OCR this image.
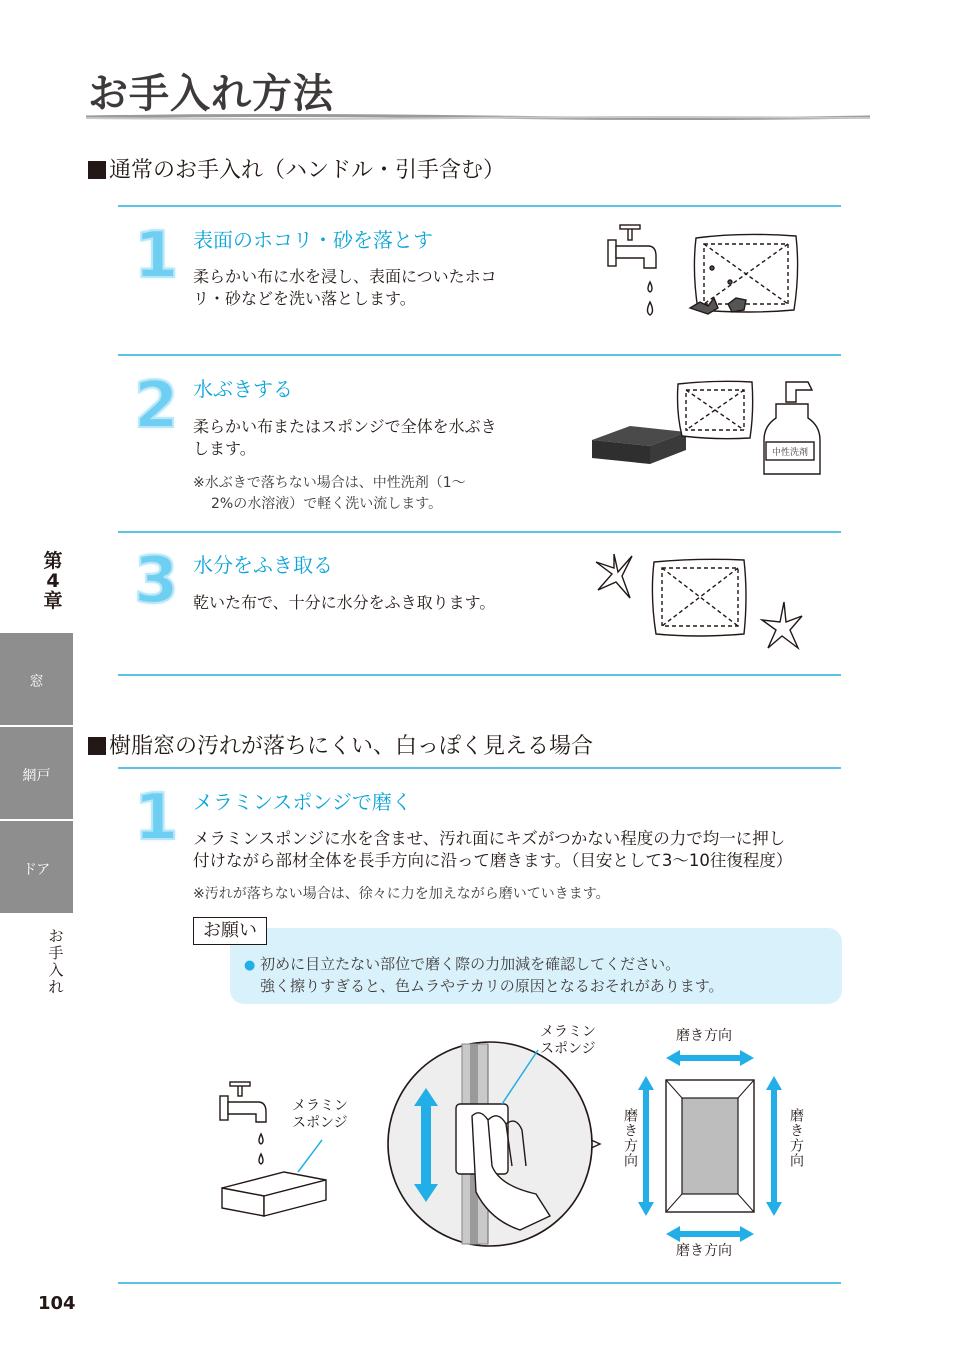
お手入れ方法
通常のお手入れ（ハンドル・引手含む）
1 表面のホコリ・砂を落とす
柔らかい布に水を浸し、表面についたホコ
リ・砂などを洗い落とします。
2 水ぶきする
柔らかい布またはスポンジで全体を水ぶき
します。
※水ぶきで落ちない場合は、中性洗剤（1～
2%の水溶液）で軽く洗い流します。
中性洗剤
3 水分をふき取る
乾いた布で、十分に水分をふき取ります。
第
4
章
窓
網戸
ドア
お手入れ
樹脂窓の汚れが落ちにくい、白っぽく見える場合
1 メラミンスポンジで磨く
メラミンスポンジに水を含ませ、汚れ面にキズがつかない程度の力で均一に押し
付けながら部材全体を長手方向に沿って磨きます。（目安として3～10往復程度）
※汚れが落ちない場合は、徐々に力を加えながら磨いていきます。
お願い
● 初めに目立たない部位で磨く際の力加減を確認してください。
強く擦りすぎると、色ムラやテカリの原因となるおそれがあります。
メラミン
スポンジ
メラミン
スポンジ
磨き方向
磨き方向
磨き方向	磨き方向
104
